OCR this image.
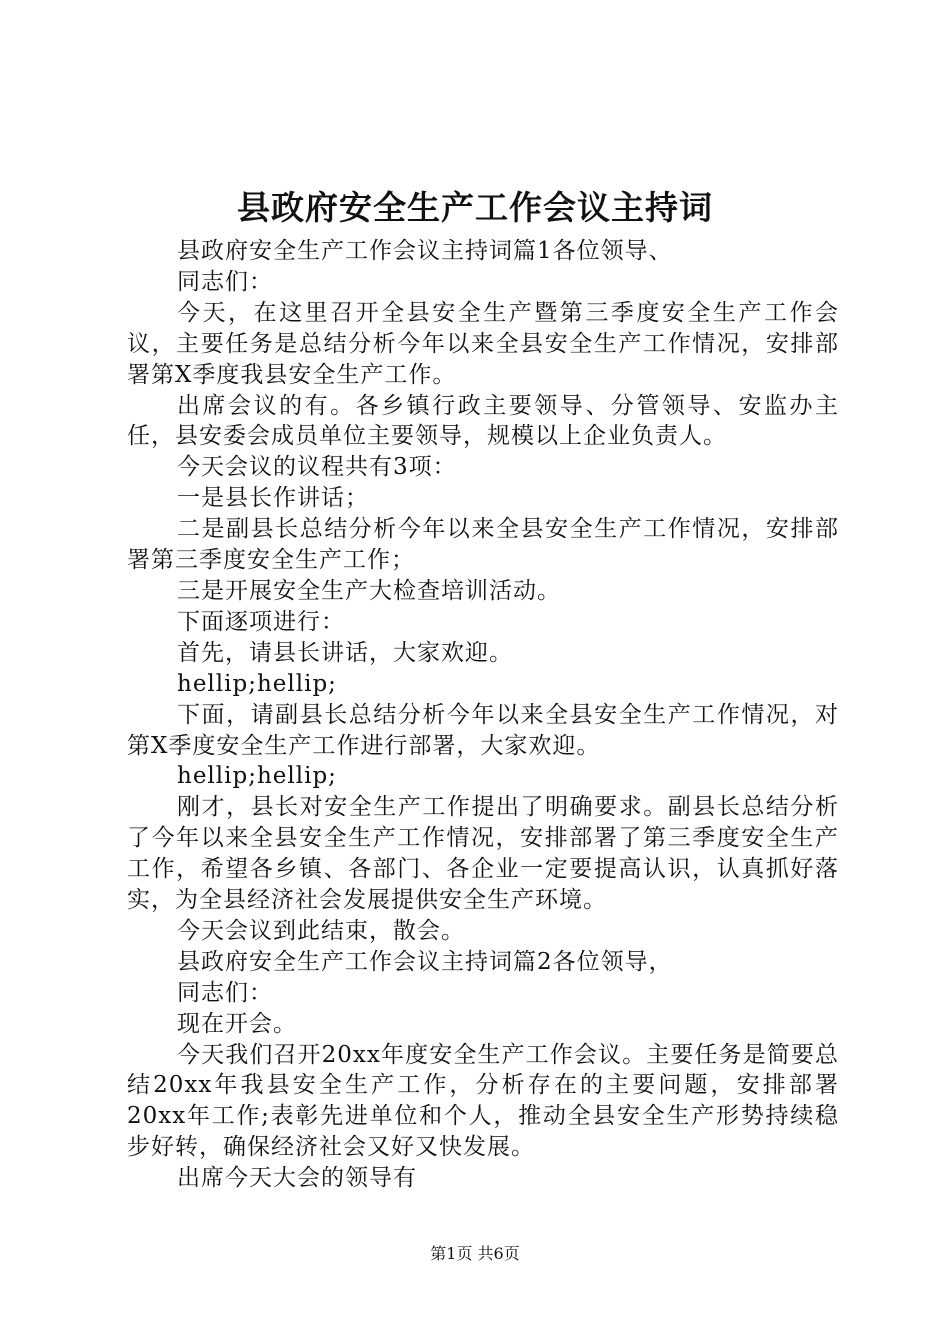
县政府安全生产工作会议主持词

县政府安全生产工作会议主持词篇1各位领导、

同志们：

今天，在这里召开全县安全生产暨第三季度安全生产工作会议，主要任务是总结分析今年以来全县安全生产工作情况，安排部署第X季度我县安全生产工作。

出席会议的有。各乡镇行政主要领导、分管领导、安监办主任，县安委会成员单位主要领导，规模以上企业负责人。

今天会议的议程共有3项：

一是县长作讲话；

二是副县长总结分析今年以来全县安全生产工作情况，安排部署第三季度安全生产工作；

三是开展安全生产大检查培训活动。

下面逐项进行：

首先，请县长讲话，大家欢迎。

hellip;hellip;

下面，请副县长总结分析今年以来全县安全生产工作情况，对第X季度安全生产工作进行部署，大家欢迎。

hellip;hellip;

刚才，县长对安全生产工作提出了明确要求。副县长总结分析了今年以来全县安全生产工作情况，安排部署了第三季度安全生产工作，希望各乡镇、各部门、各企业一定要提高认识，认真抓好落实，为全县经济社会发展提供安全生产环境。

今天会议到此结束，散会。

县政府安全生产工作会议主持词篇2各位领导，

同志们：

现在开会。

今天我们召开20xx年度安全生产工作会议。主要任务是简要总结20xx年我县安全生产工作，分析存在的主要问题，安排部署20xx年工作;表彰先进单位和个人，推动全县安全生产形势持续稳步好转，确保经济社会又好又快发展。

出席今天大会的领导有

第1页 共6页
